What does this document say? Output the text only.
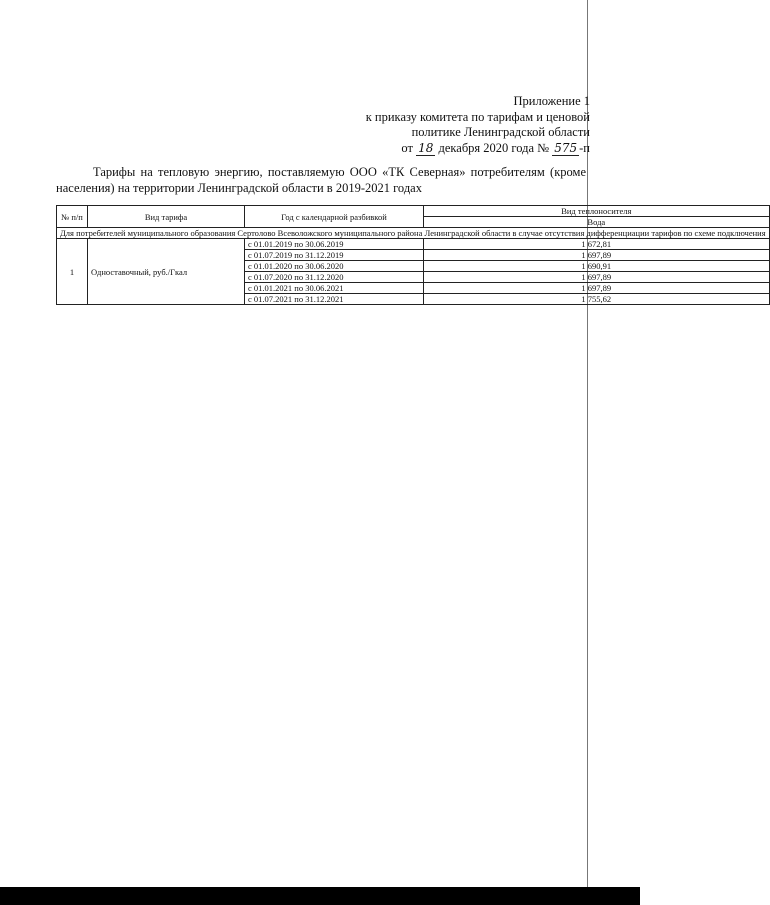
Приложение 1
к приказу комитета по тарифам и ценовой
политике Ленинградской области
от 18 декабря 2020 года № 575 -п
Тарифы на тепловую энергию, поставляемую ООО «ТК Северная» потребителям (кроме населения) на территории Ленинградской области в 2019-2021 годах
№ п/п	Вид тарифа	Год с календарной разбивкой	Вид теплоносителя
			Вода
Для потребителей муниципального образования Сертолово Всеволожского муниципального района Ленинградской области в случае отсутствия дифференциации тарифов по схеме подключения			
1	Одноставочный, руб./Гкал	с 01.01.2019 по 30.06.2019	1 672,81
		с 01.07.2019 по 31.12.2019	1 697,89
		с 01.01.2020 по 30.06.2020	1 690,91
		с 01.07.2020 по 31.12.2020	1 697,89
		с 01.01.2021 по 30.06.2021	1 697,89
		с 01.07.2021 по 31.12.2021	1 755,62
